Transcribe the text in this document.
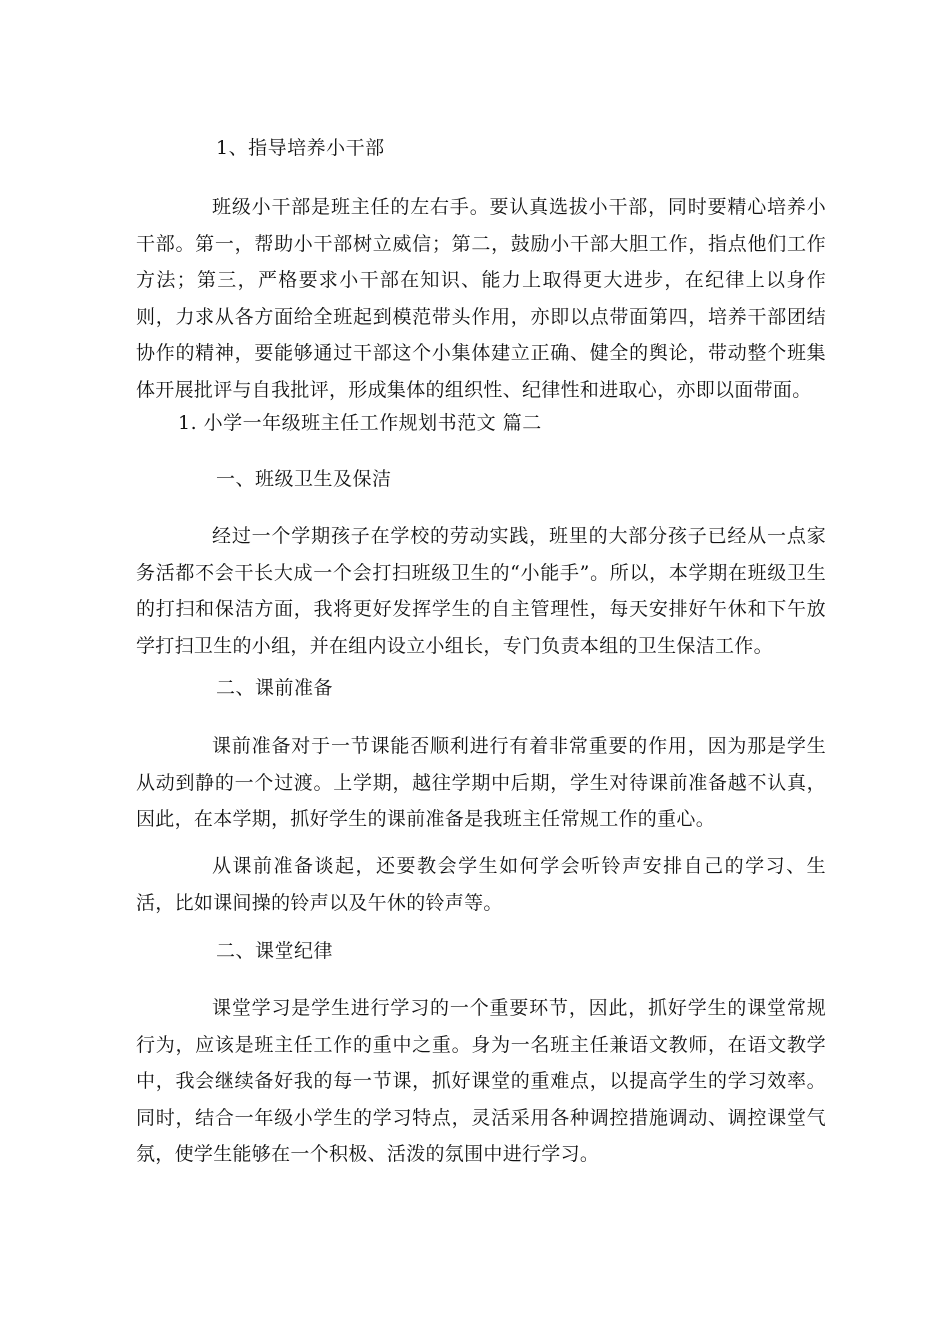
1、指导培养小干部

班级小干部是班主任的左右手。要认真选拔小干部，同时要精心培养小干部。第一，帮助小干部树立威信；第二，鼓励小干部大胆工作，指点他们工作方法；第三，严格要求小干部在知识、能力上取得更大进步，在纪律上以身作则，力求从各方面给全班起到模范带头作用，亦即以点带面第四，培养干部团结协作的精神，要能够通过干部这个小集体建立正确、健全的舆论，带动整个班集体开展批评与自我批评，形成集体的组织性、纪律性和进取心，亦即以面带面。

1. 小学一年级班主任工作规划书范文 篇二
一、班级卫生及保洁

经过一个学期孩子在学校的劳动实践，班里的大部分孩子已经从一点家务活都不会干长大成一个会打扫班级卫生的“小能手”。所以，本学期在班级卫生的打扫和保洁方面，我将更好发挥学生的自主管理性，每天安排好午休和下午放学打扫卫生的小组，并在组内设立小组长，专门负责本组的卫生保洁工作。

二、课前准备

课前准备对于一节课能否顺利进行有着非常重要的作用，因为那是学生从动到静的一个过渡。上学期，越往学期中后期，学生对待课前准备越不认真，因此，在本学期，抓好学生的课前准备是我班主任常规工作的重心。

从课前准备谈起，还要教会学生如何学会听铃声安排自己的学习、生活，比如课间操的铃声以及午休的铃声等。

二、课堂纪律

课堂学习是学生进行学习的一个重要环节，因此，抓好学生的课堂常规行为，应该是班主任工作的重中之重。身为一名班主任兼语文教师，在语文教学中，我会继续备好我的每一节课，抓好课堂的重难点，以提高学生的学习效率。同时，结合一年级小学生的学习特点，灵活采用各种调控措施调动、调控课堂气氛，使学生能够在一个积极、活泼的氛围中进行学习。
